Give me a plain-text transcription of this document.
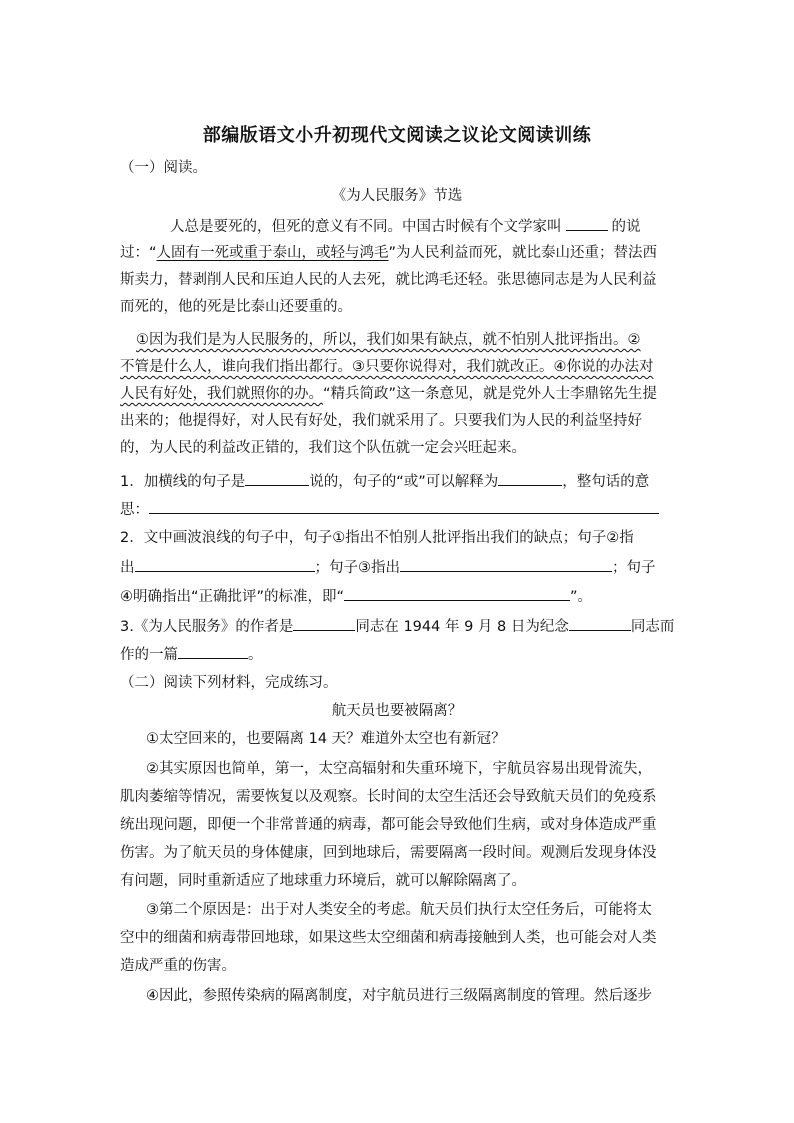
部编版语文小升初现代文阅读之议论文阅读训练
（一）阅读。
《为人民服务》节选
人总是要死的，但死的意义有不同。中国古时候有个文学家叫	的说
过：“人固有一死或重于泰山，或轻与鸿毛”为人民利益而死，就比泰山还重；替法西
斯卖力，替剥削人民和压迫人民的人去死，就比鸿毛还轻。张思德同志是为人民利益
而死的，他的死是比泰山还要重的。
①因为我们是为人民服务的，所以，我们如果有缺点，就不怕别人批评指出。②
不管是什么人，谁向我们指出都行。③只要你说得对，我们就改正。④你说的办法对
人民有好处，我们就照你的办。“精兵简政”这一条意见，就是党外人士李鼎铭先生提
出来的；他提得好，对人民有好处，我们就采用了。只要我们为人民的利益坚持好
的，为人民的利益改正错的，我们这个队伍就一定会兴旺起来。
1．加横线的句子是	说的，句子的“或”可以解释为	，整句话的意
思：
2．文中画波浪线的句子中，句子①指出不怕别人批评指出我们的缺点；句子②指
出	；句子③指出	；句子
④明确指出“正确批评”的标准，即“	”。
3.《为人民服务》的作者是	同志在 1944 年 9 月 8 日为纪念	同志而
作的一篇	。
（二）阅读下列材料，完成练习。
航天员也要被隔离？
①太空回来的，也要隔离 14 天？难道外太空也有新冠？
②其实原因也简单，第一，太空高辐射和失重环境下，宇航员容易出现骨流失，
肌肉萎缩等情况，需要恢复以及观察。长时间的太空生活还会导致航天员们的免疫系
统出现问题，即便一个非常普通的病毒，都可能会导致他们生病，或对身体造成严重
伤害。为了航天员的身体健康，回到地球后，需要隔离一段时间。观测后发现身体没
有问题，同时重新适应了地球重力环境后，就可以解除隔离了。
③第二个原因是：出于对人类安全的考虑。航天员们执行太空任务后，可能将太
空中的细菌和病毒带回地球，如果这些太空细菌和病毒接触到人类，也可能会对人类
造成严重的伤害。
④因此，参照传染病的隔离制度，对宇航员进行三级隔离制度的管理。然后逐步
